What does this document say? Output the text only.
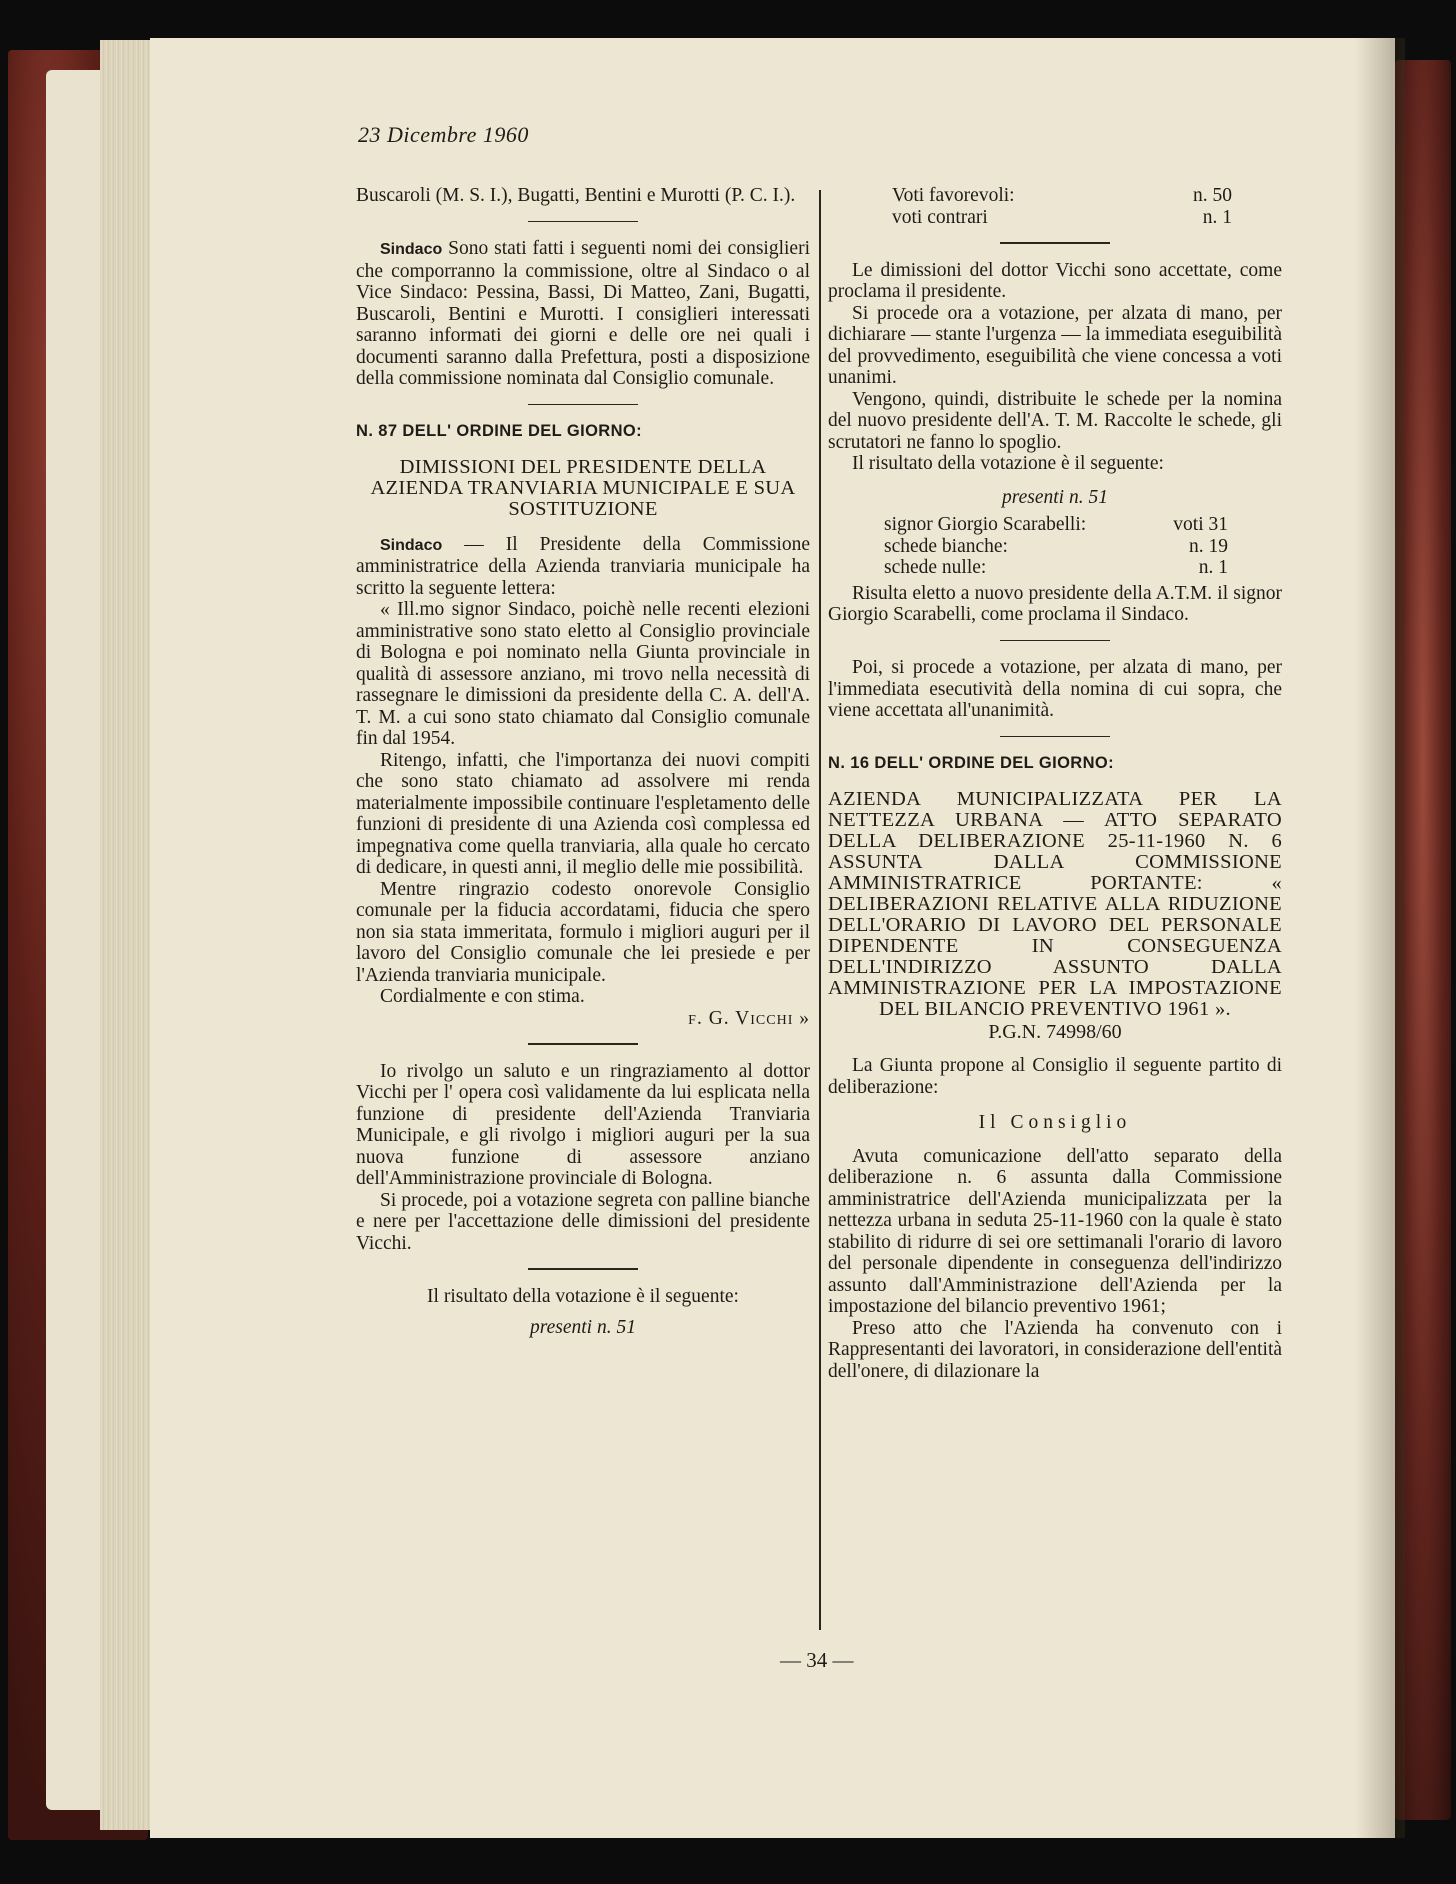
23 Dicembre 1960

Buscaroli (M. S. I.), Bugatti, Bentini e Murotti (P. C. I.).

Sindaco Sono stati fatti i seguenti nomi dei consiglieri che comporranno la commissione, oltre al Sindaco o al Vice Sindaco: Pessina, Bassi, Di Matteo, Zani, Bugatti, Buscaroli, Bentini e Murotti. I consiglieri interessati saranno informati dei giorni e delle ore nei quali i documenti saranno dalla Prefettura, posti a disposizione della commissione nominata dal Consiglio comunale.

N. 87 DELL' ORDINE DEL GIORNO:
DIMISSIONI DEL PRESIDENTE DELLA AZIENDA TRANVIARIA MUNICIPALE E SUA SOSTITUZIONE

Sindaco — Il Presidente della Commissione amministratrice della Azienda tranviaria municipale ha scritto la seguente lettera:

« Ill.mo signor Sindaco, poichè nelle recenti elezioni amministrative sono stato eletto al Consiglio provinciale di Bologna e poi nominato nella Giunta provinciale in qualità di assessore anziano, mi trovo nella necessità di rassegnare le dimissioni da presidente della C. A. dell'A. T. M. a cui sono stato chiamato dal Consiglio comunale fin dal 1954.

Ritengo, infatti, che l'importanza dei nuovi compiti che sono stato chiamato ad assolvere mi renda materialmente impossibile continuare l'espletamento delle funzioni di presidente di una Azienda così complessa ed impegnativa come quella tranviaria, alla quale ho cercato di dedicare, in questi anni, il meglio delle mie possibilità.

Mentre ringrazio codesto onorevole Consiglio comunale per la fiducia accordatami, fiducia che spero non sia stata immeritata, formulo i migliori auguri per il lavoro del Consiglio comunale che lei presiede e per l'Azienda tranviaria municipale.

Cordialmente e con stima.

f. G. Vicchi »

Io rivolgo un saluto e un ringraziamento al dottor Vicchi per l' opera così validamente da lui esplicata nella funzione di presidente dell'Azienda Tranviaria Municipale, e gli rivolgo i migliori auguri per la sua nuova funzione di assessore anziano dell'Amministrazione provinciale di Bologna.

Si procede, poi a votazione segreta con palline bianche e nere per l'accettazione delle dimissioni del presidente Vicchi.

Il risultato della votazione è il seguente:

presenti n. 51

Voti favorevoli:	n. 50
voti contrari	n. 1

Le dimissioni del dottor Vicchi sono accettate, come proclama il presidente.

Si procede ora a votazione, per alzata di mano, per dichiarare — stante l'urgenza — la immediata eseguibilità del provvedimento, eseguibilità che viene concessa a voti unanimi.

Vengono, quindi, distribuite le schede per la nomina del nuovo presidente dell'A. T. M. Raccolte le schede, gli scrutatori ne fanno lo spoglio.

Il risultato della votazione è il seguente:

presenti n. 51

signor Giorgio Scarabelli:	voti 31
schede bianche:	n. 19
schede nulle:	n. 1

Risulta eletto a nuovo presidente della A.T.M. il signor Giorgio Scarabelli, come proclama il Sindaco.

Poi, si procede a votazione, per alzata di mano, per l'immediata esecutività della nomina di cui sopra, che viene accettata all'unanimità.

N. 16 DELL' ORDINE DEL GIORNO:
AZIENDA MUNICIPALIZZATA PER LA NETTEZZA URBANA — ATTO SEPARATO DELLA DELIBERAZIONE 25-11-1960 N. 6 ASSUNTA DALLA COMMISSIONE AMMINISTRATRICE PORTANTE: « DELIBERAZIONI RELATIVE ALLA RIDUZIONE DELL'ORARIO DI LAVORO DEL PERSONALE DIPENDENTE IN CONSEGUENZA DELL'INDIRIZZO ASSUNTO DALLA AMMINISTRAZIONE PER LA IMPOSTAZIONE DEL BILANCIO PREVENTIVO 1961 ».

P.G.N. 74998/60

La Giunta propone al Consiglio il seguente partito di deliberazione:

Il Consiglio

Avuta comunicazione dell'atto separato della deliberazione n. 6 assunta dalla Commissione amministratrice dell'Azienda municipalizzata per la nettezza urbana in seduta 25-11-1960 con la quale è stato stabilito di ridurre di sei ore settimanali l'orario di lavoro del personale dipendente in conseguenza dell'indirizzo assunto dall'Amministrazione dell'Azienda per la impostazione del bilancio preventivo 1961;

Preso atto che l'Azienda ha convenuto con i Rappresentanti dei lavoratori, in considerazione dell'entità dell'onere, di dilazionare la

— 34 —
